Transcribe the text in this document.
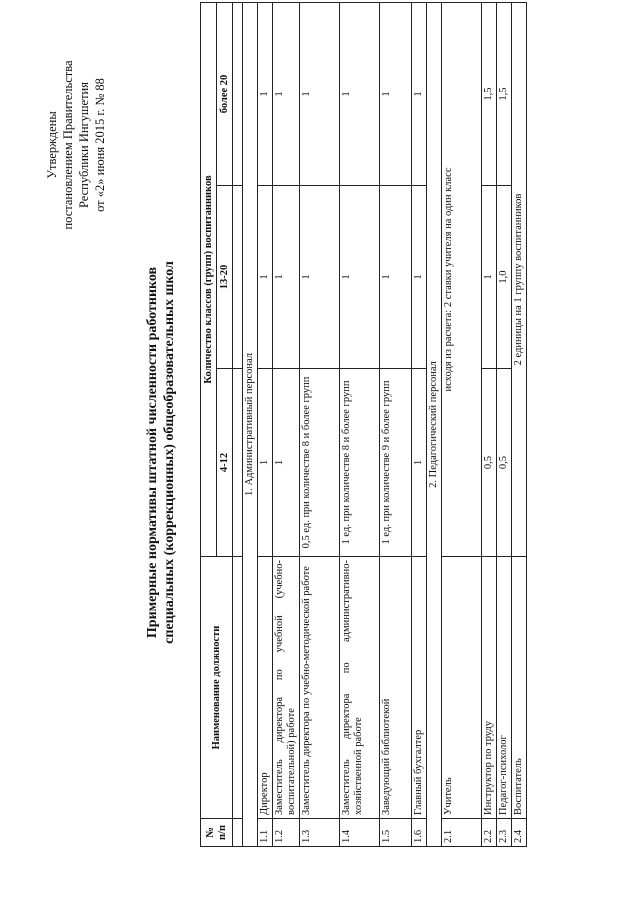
Утверждены постановлением Правительства Республики Ингушетия от «2» июня 2015 г. № 88
Примерные нормативы штатной численности работников специальных (коррекционных) общеобразовательных школ
№ п/п	Наименование должности	Количество классов (групп) воспитанников		
		4-12	13-20	более 20

1. Административный персонал				
1.1	Директор	1	1	1
1.2	Заместитель директора по учебной (учебно-воспитательной) работе	1	1	1
1.3	Заместитель директора по учебно-методической работе	0,5 ед. при количестве 8 и более групп	1	1
1.4	Заместитель директора по административно-хозяйственной работе	1 ед. при количестве 8 и более групп	1	1
1.5	Заведующий библиотекой	1 ед. при количестве 9 и более групп	1	1
1.6	Главный бухгалтер	1	1	1
2. Педагогический персонал				
2.1	Учитель	исходя из расчета: 2 ставки учителя на один класс		
2.2	Инструктор по труду	0,5	1	1,5
2.3	Педагог-психолог	0,5	1,0	1,5
2.4	Воспитатель	2 единицы на 1 группу воспитанников		
